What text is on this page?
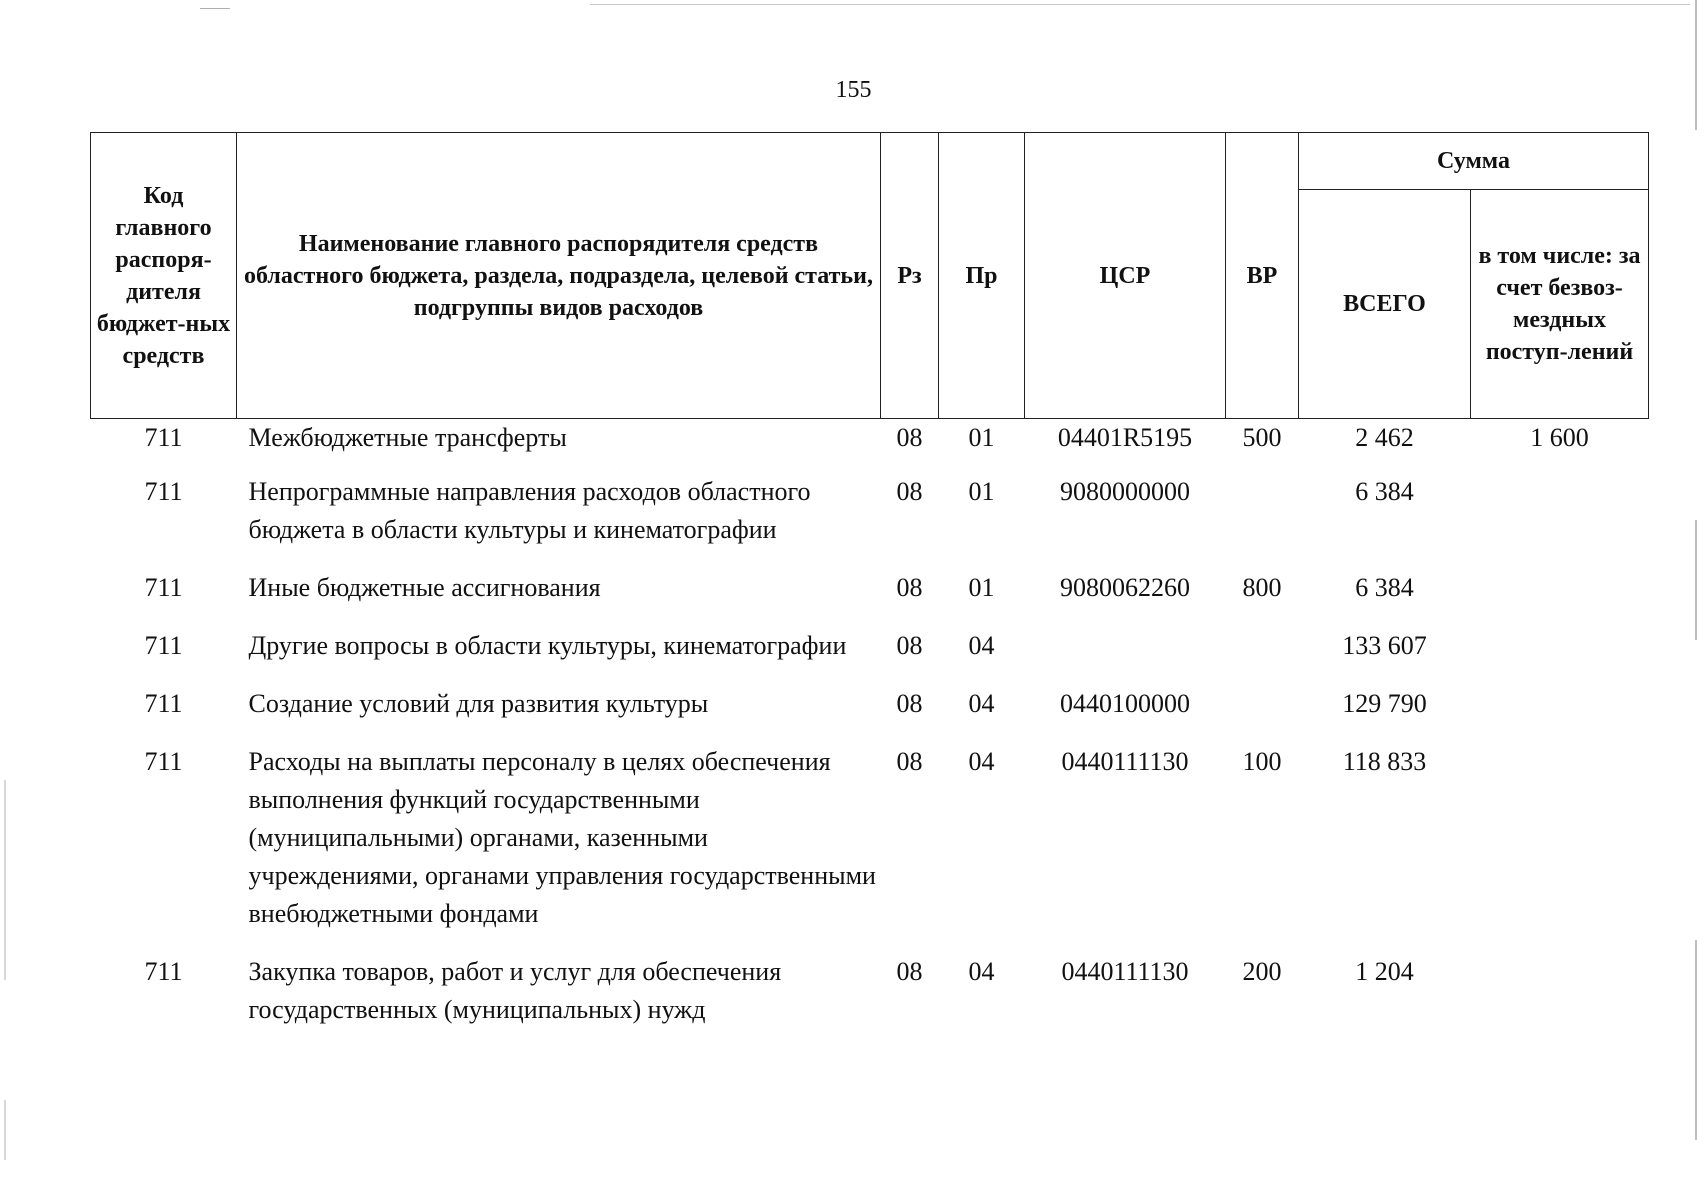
155
Код главного распоря-дителя бюджет-ных средств	Наименование главного распорядителя средств областного бюджета, раздела, подраздела, целевой статьи, подгруппы видов расходов	Рз	Пр	ЦСР	ВР	Сумма	
						ВСЕГО	в том числе: за счет безвоз-мездных поступ-лений
711	Межбюджетные трансферты	08	01	04401R5195	500	2 462	1 600
711	Непрограммные направления расходов областного бюджета в области культуры и кинематографии	08	01	9080000000		6 384	
711	Иные бюджетные ассигнования	08	01	9080062260	800	6 384	
711	Другие вопросы в области культуры, кинематографии	08	04			133 607	
711	Создание условий для развития культуры	08	04	0440100000		129 790	
711	Расходы на выплаты персоналу в целях обеспечения выполнения функций государственными (муниципальными) органами, казенными учреждениями, органами управления государственными внебюджетными фондами	08	04	0440111130	100	118 833	
711	Закупка товаров, работ и услуг для обеспечения государственных (муниципальных) нужд	08	04	0440111130	200	1 204	
